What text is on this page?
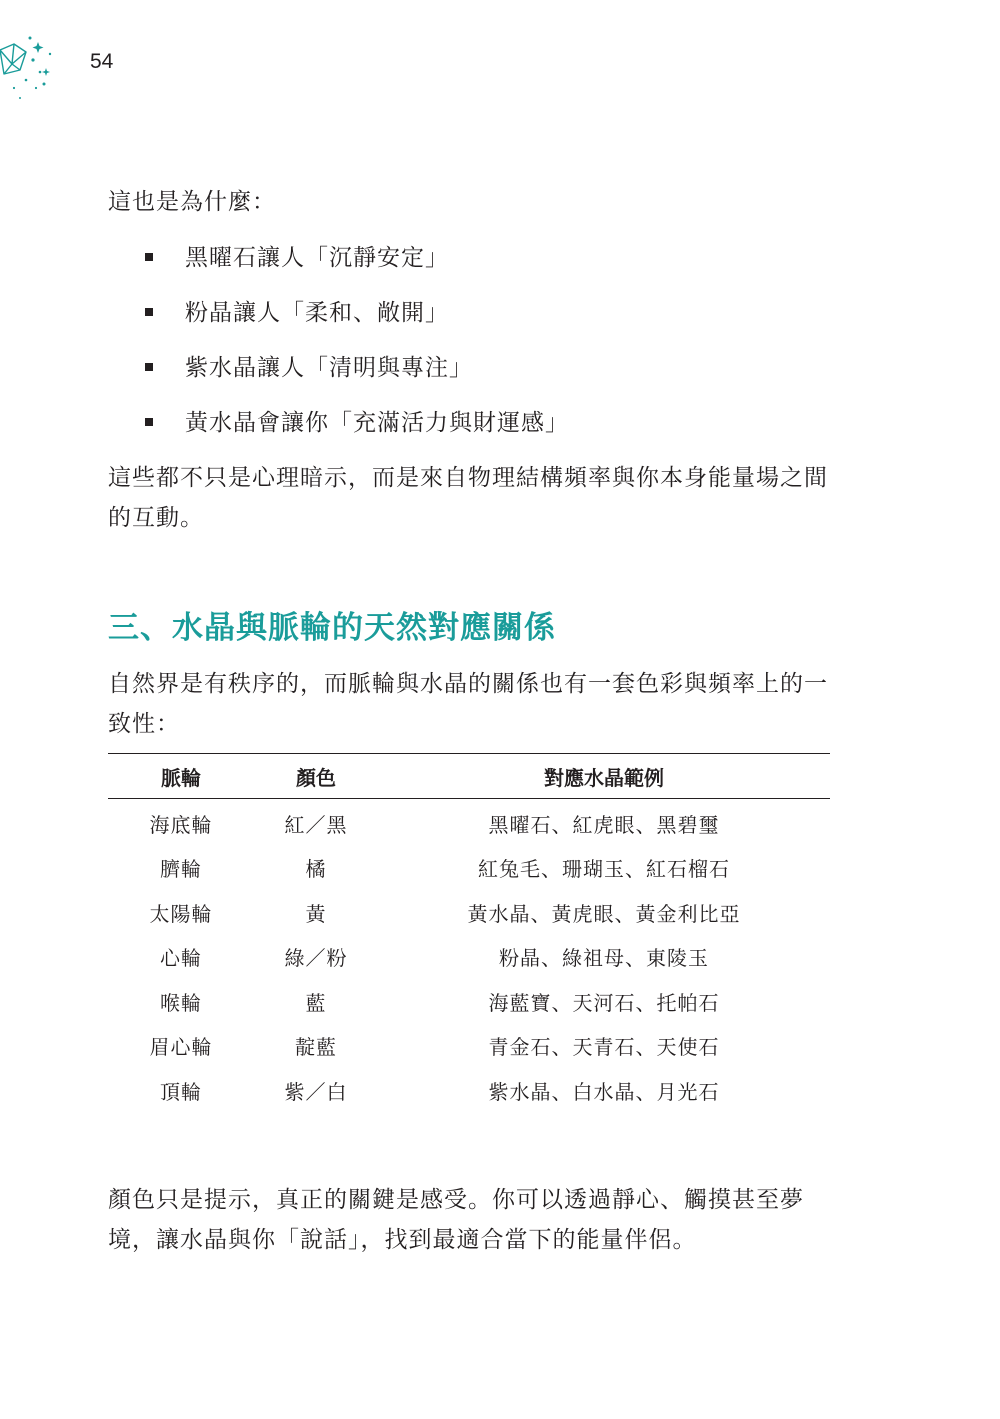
54

這也是為什麼：

黑曜石讓人「沉靜安定」
粉晶讓人「柔和、敞開」
紫水晶讓人「清明與專注」
黃水晶會讓你「充滿活力與財運感」

這些都不只是心理暗示，而是來自物理結構頻率與你本身能量場之間的互動。

三、水晶與脈輪的天然對應關係

自然界是有秩序的，而脈輪與水晶的關係也有一套色彩與頻率上的一致性：

脈輪	顏色	對應水晶範例
海底輪	紅／黑	黑曜石、紅虎眼、黑碧璽
臍輪	橘	紅兔毛、珊瑚玉、紅石榴石
太陽輪	黃	黃水晶、黃虎眼、黃金利比亞
心輪	綠／粉	粉晶、綠祖母、東陵玉
喉輪	藍	海藍寶、天河石、托帕石
眉心輪	靛藍	青金石、天青石、天使石
頂輪	紫／白	紫水晶、白水晶、月光石

顏色只是提示，真正的關鍵是感受。你可以透過靜心、觸摸甚至夢境，讓水晶與你「說話」，找到最適合當下的能量伴侶。
